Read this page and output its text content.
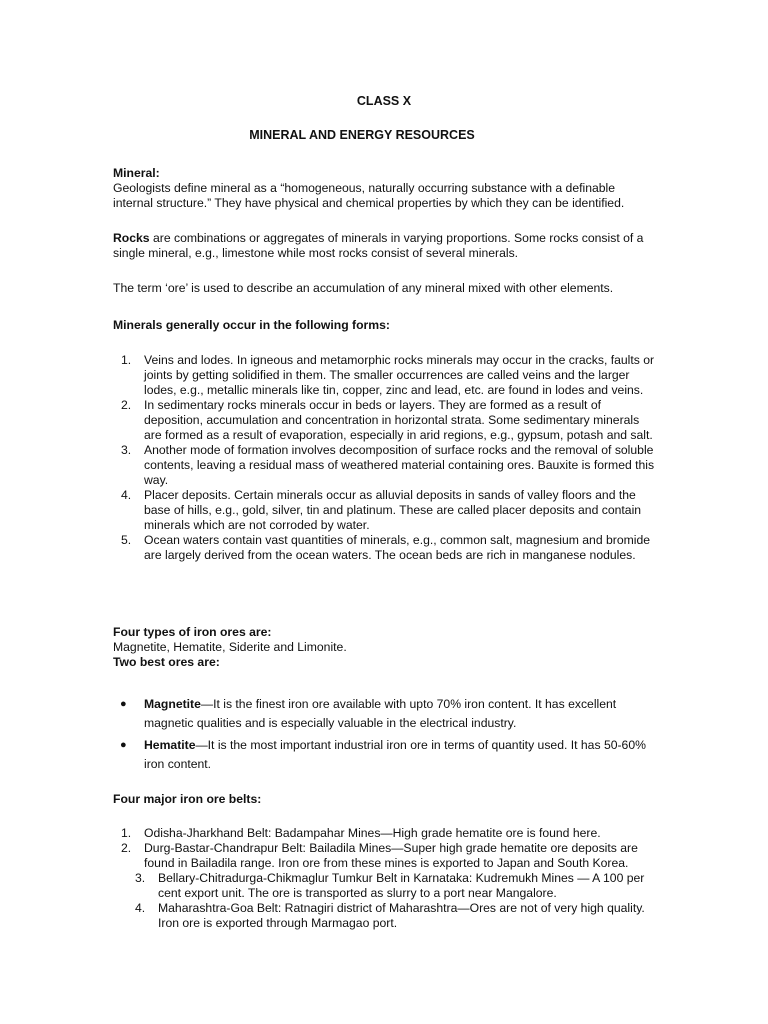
CLASS X
MINERAL AND ENERGY RESOURCES
Mineral:
Geologists define mineral as a “homogeneous, naturally occurring substance with a definable internal structure.” They have physical and chemical properties by which they can be identified.
Rocks are combinations or aggregates of minerals in varying proportions. Some rocks consist of a single mineral, e.g., limestone while most rocks consist of several minerals.
The term ‘ore’ is used to describe an accumulation of any mineral mixed with other elements.
Minerals generally occur in the following forms:
1. Veins and lodes. In igneous and metamorphic rocks minerals may occur in the cracks, faults or joints by getting solidified in them. The smaller occurrences are called veins and the larger lodes, e.g., metallic minerals like tin, copper, zinc and lead, etc. are found in lodes and veins.
2. In sedimentary rocks minerals occur in beds or layers. They are formed as a result of deposition, accumulation and concentration in horizontal strata. Some sedimentary minerals are formed as a result of evaporation, especially in arid regions, e.g., gypsum, potash and salt.
3. Another mode of formation involves decomposition of surface rocks and the removal of soluble contents, leaving a residual mass of weathered material containing ores. Bauxite is formed this way.
4. Placer deposits. Certain minerals occur as alluvial deposits in sands of valley floors and the base of hills, e.g., gold, silver, tin and platinum. These are called placer deposits and contain minerals which are not corroded by water.
5. Ocean waters contain vast quantities of minerals, e.g., common salt, magnesium and bromide are largely derived from the ocean waters. The ocean beds are rich in manganese nodules.
Four types of iron ores are:
Magnetite, Hematite, Siderite and Limonite.
Two best ores are:
● Magnetite—It is the finest iron ore available with upto 70% iron content. It has excellent magnetic qualities and is especially valuable in the electrical industry.
● Hematite—It is the most important industrial iron ore in terms of quantity used. It has 50-60% iron content.
Four major iron ore belts:
1. Odisha-Jharkhand Belt: Badampahar Mines—High grade hematite ore is found here.
2. Durg-Bastar-Chandrapur Belt: Bailadila Mines—Super high grade hematite ore deposits are found in Bailadila range. Iron ore from these mines is exported to Japan and South Korea.
3. Bellary-Chitradurga-Chikmaglur Tumkur Belt in Karnataka: Kudremukh Mines — A 100 per cent export unit. The ore is transported as slurry to a port near Mangalore.
4. Maharashtra-Goa Belt: Ratnagiri district of Maharashtra—Ores are not of very high quality. Iron ore is exported through Marmagao port.
